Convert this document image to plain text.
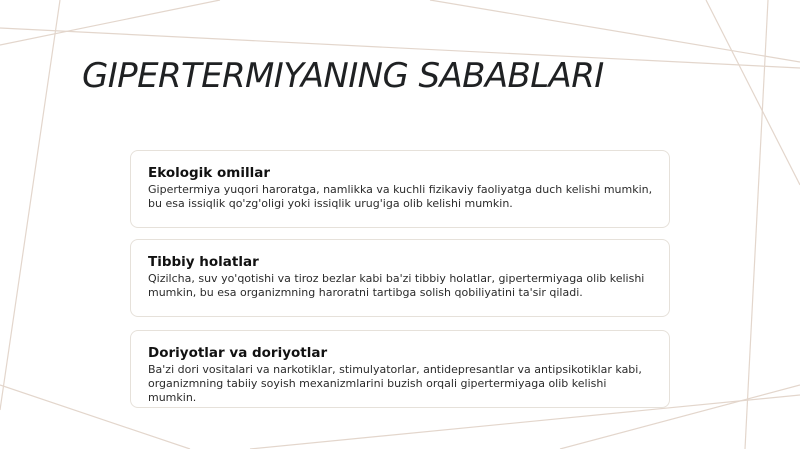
GIPERTERMIYANING SABABLARI
Ekologik omillar

Gipertermiya yuqori haroratga, namlikka va kuchli fizikaviy faoliyatga duch kelishi mumkin, bu esa issiqlik qo'zg'oligi yoki issiqlik urug'iga olib kelishi mumkin.

Tibbiy holatlar

Qizilcha, suv yo'qotishi va tiroz bezlar kabi ba'zi tibbiy holatlar, gipertermiyaga olib kelishi mumkin, bu esa organizmning haroratni tartibga solish qobiliyatini ta'sir qiladi.

Doriyotlar va doriyotlar

Ba'zi dori vositalari va narkotiklar, stimulyatorlar, antidepresantlar va antipsikotiklar kabi, organizmning tabiiy soyish mexanizmlarini buzish orqali gipertermiyaga olib kelishi mumkin.
